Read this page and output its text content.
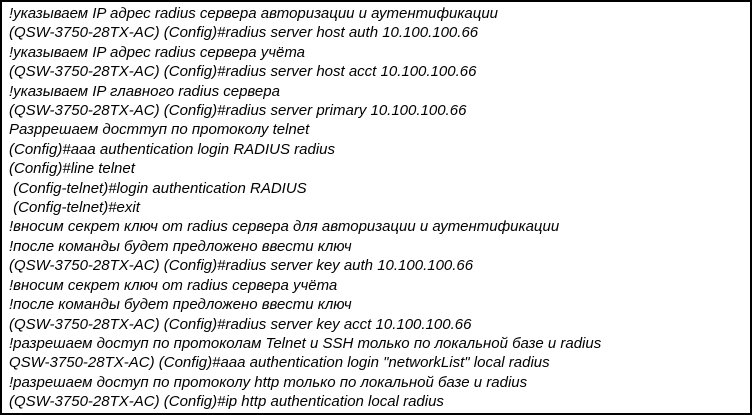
!указываем IP адрес radius сервера авторизации и аутентификации
(QSW-3750-28TX-AC) (Config)#radius server host auth 10.100.100.66
!указываем IP адрес radius сервера учёта
(QSW-3750-28TX-AC) (Config)#radius server host acct 10.100.100.66
!указываем IP главного radius сервера
(QSW-3750-28TX-AC) (Config)#radius server primary 10.100.100.66
Разррешаем досттуп по протоколу telnet
(Config)#aaa authentication login RADIUS radius
(Config)#line telnet
(Config-telnet)#login authentication RADIUS
(Config-telnet)#exit
!вносим секрет ключ от radius сервера для авторизации и аутентификации
!после команды будет предложено ввести ключ
(QSW-3750-28TX-AC) (Config)#radius server key auth 10.100.100.66
!вносим секрет ключ от radius сервера учёта
!после команды будет предложено ввести ключ
(QSW-3750-28TX-AC) (Config)#radius server key acct 10.100.100.66
!разрешаем доступ по протоколам Telnet и SSH только по локальной базе и radius
QSW-3750-28TX-AC) (Config)#aaa authentication login "networkList" local radius
!разрешаем доступ по протоколу http только по локальной базе и radius
(QSW-3750-28TX-AC) (Config)#ip http authentication local radius
